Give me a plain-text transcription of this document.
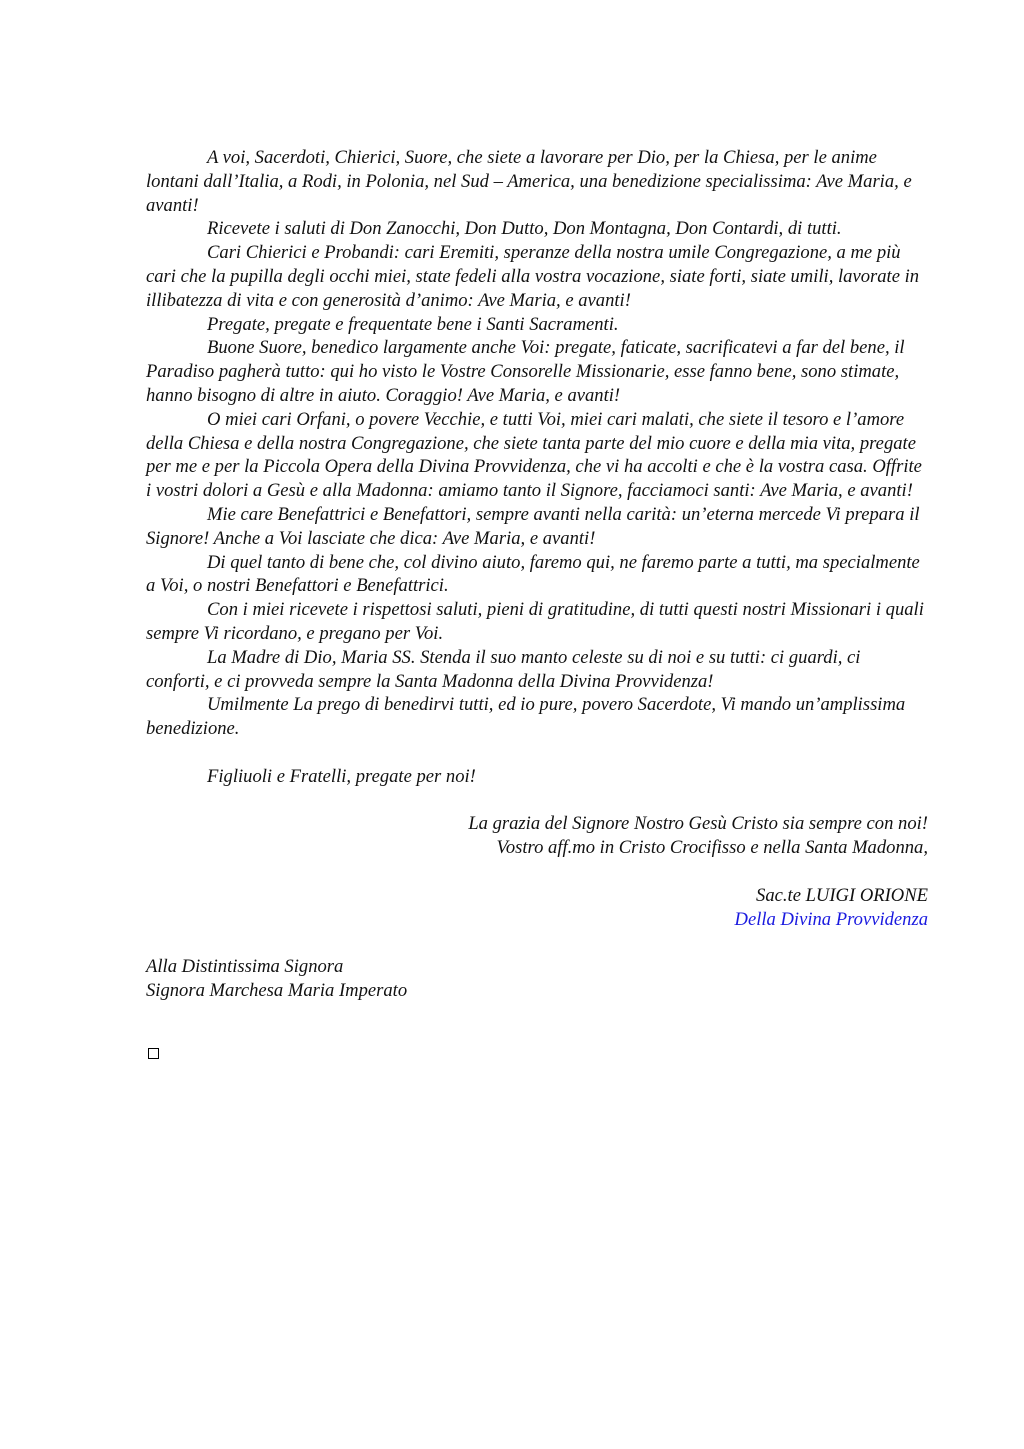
A voi, Sacerdoti, Chierici, Suore, che siete a lavorare per Dio, per la Chiesa, per le anime lontani dall’Italia, a Rodi, in Polonia, nel Sud – America, una benedizione specialissima: Ave Maria, e avanti!

Ricevete i saluti di Don Zanocchi, Don Dutto, Don Montagna, Don Contardi, di tutti.

Cari Chierici e Probandi: cari Eremiti, speranze della nostra umile Congregazione, a me più cari che la pupilla degli occhi miei, state fedeli alla vostra vocazione, siate forti, siate umili, lavorate in illibatezza di vita e con generosità d’animo: Ave Maria, e avanti!

Pregate, pregate e frequentate bene i Santi Sacramenti.

Buone Suore, benedico largamente anche Voi: pregate, faticate, sacrificatevi a far del bene, il Paradiso pagherà tutto: qui ho visto le Vostre Consorelle Missionarie, esse fanno bene, sono stimate, hanno bisogno di altre in aiuto. Coraggio! Ave Maria, e avanti!

O miei cari Orfani, o povere Vecchie, e tutti Voi, miei cari malati, che siete il tesoro e l’amore della Chiesa e della nostra Congregazione, che siete tanta parte del mio cuore e della mia vita, pregate per me e per la Piccola Opera della Divina Provvidenza, che vi ha accolti e che è la vostra casa. Offrite i vostri dolori a Gesù e alla Madonna: amiamo tanto il Signore, facciamoci santi: Ave Maria, e avanti!

Mie care Benefattrici e Benefattori, sempre avanti nella carità: un’eterna mercede Vi prepara il Signore! Anche a Voi lasciate che dica: Ave Maria, e avanti!

Di quel tanto di bene che, col divino aiuto, faremo qui, ne faremo parte a tutti, ma specialmente a Voi, o nostri Benefattori e Benefattrici.

Con i miei ricevete i rispettosi saluti, pieni di gratitudine, di tutti questi nostri Missionari i quali sempre Vi ricordano, e pregano per Voi.

La Madre di Dio, Maria SS. Stenda il suo manto celeste su di noi e su tutti: ci guardi, ci conforti, e ci provveda sempre la Santa Madonna della Divina Provvidenza!

Umilmente La prego di benedirvi tutti, ed io pure, povero Sacerdote, Vi mando un’amplissima benedizione.

Figliuoli e Fratelli, pregate per noi!

La grazia del Signore Nostro Gesù Cristo sia sempre con noi!

Vostro aff.mo in Cristo Crocifisso e nella Santa Madonna,

Sac.te LUIGI ORIONE

Della Divina Provvidenza

Alla Distintissima Signora

Signora Marchesa Maria Imperato
